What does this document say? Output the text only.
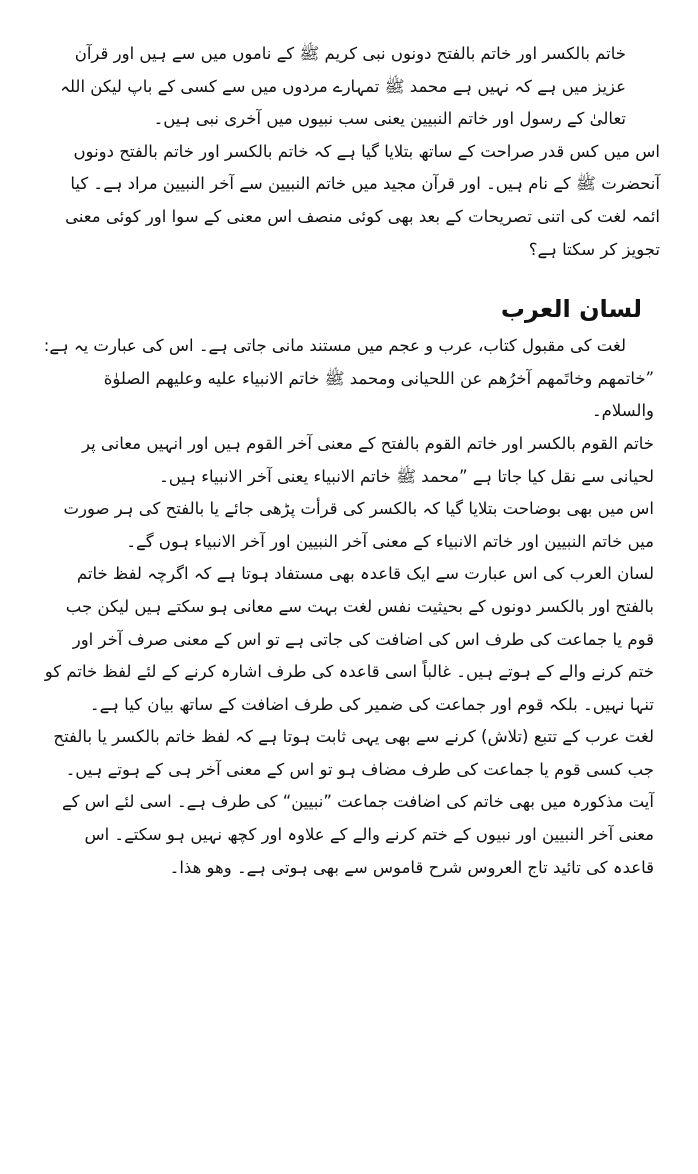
خاتم بالکسر اور خاتم بالفتح دونوں نبی کریم ﷺ کے ناموں میں سے ہیں اور قرآن عزیز میں ہے کہ نہیں ہے محمد ﷺ تمہارے مردوں میں سے کسی کے باپ لیکن اللہ تعالیٰ کے رسول اور خاتم النبیین یعنی سب نبیوں میں آخری نبی ہیں۔

اس میں کس قدر صراحت کے ساتھ بتلایا گیا ہے کہ خاتم بالکسر اور خاتم بالفتح دونوں آنحضرت ﷺ کے نام ہیں۔ اور قرآن مجید میں خاتم النبیین سے آخر النبیین مراد ہے۔ کیا ائمہ لغت کی اتنی تصریحات کے بعد بھی کوئی منصف اس معنی کے سوا اور کوئی معنی تجویز کر سکتا ہے؟

لسان العرب

لغت کی مقبول کتاب، عرب و عجم میں مستند مانی جاتی ہے۔ اس کی عبارت یہ ہے:

”خاتمهم وخاتَمهم آخرُهم عن اللحیانی ومحمد ﷺ خاتم الانبیاء علیه وعلیهم الصلوٰة والسلام۔

خاتم القوم بالکسر اور خاتم القوم بالفتح کے معنی آخر القوم ہیں اور انہیں معانی پر لحیانی سے نقل کیا جاتا ہے ”محمد ﷺ خاتم الانبیاء یعنی آخر الانبیاء ہیں۔

اس میں بھی بوضاحت بتلایا گیا کہ بالکسر کی قرأت پڑھی جائے یا بالفتح کی ہر صورت میں خاتم النبیین اور خاتم الانبیاء کے معنی آخر النبیین اور آخر الانبیاء ہوں گے۔

لسان العرب کی اس عبارت سے ایک قاعدہ بھی مستفاد ہوتا ہے کہ اگرچہ لفظ خاتم بالفتح اور بالکسر دونوں کے بحیثیت نفس لغت بہت سے معانی ہو سکتے ہیں لیکن جب قوم یا جماعت کی طرف اس کی اضافت کی جاتی ہے تو اس کے معنی صرف آخر اور ختم کرنے والے کے ہوتے ہیں۔ غالباً اسی قاعدہ کی طرف اشارہ کرنے کے لئے لفظ خاتم کو تنہا نہیں۔ بلکہ قوم اور جماعت کی ضمیر کی طرف اضافت کے ساتھ بیان کیا ہے۔

لغت عرب کے تتبع (تلاش) کرنے سے بھی یہی ثابت ہوتا ہے کہ لفظ خاتم بالکسر یا بالفتح جب کسی قوم یا جماعت کی طرف مضاف ہو تو اس کے معنی آخر ہی کے ہوتے ہیں۔ آیت مذکورہ میں بھی خاتم کی اضافت جماعت ”نبیین“ کی طرف ہے۔ اسی لئے اس کے معنی آخر النبیین اور نبیوں کے ختم کرنے والے کے علاوہ اور کچھ نہیں ہو سکتے۔ اس قاعدہ کی تائید تاج العروس شرح قاموس سے بھی ہوتی ہے۔ وھو ھذا۔
